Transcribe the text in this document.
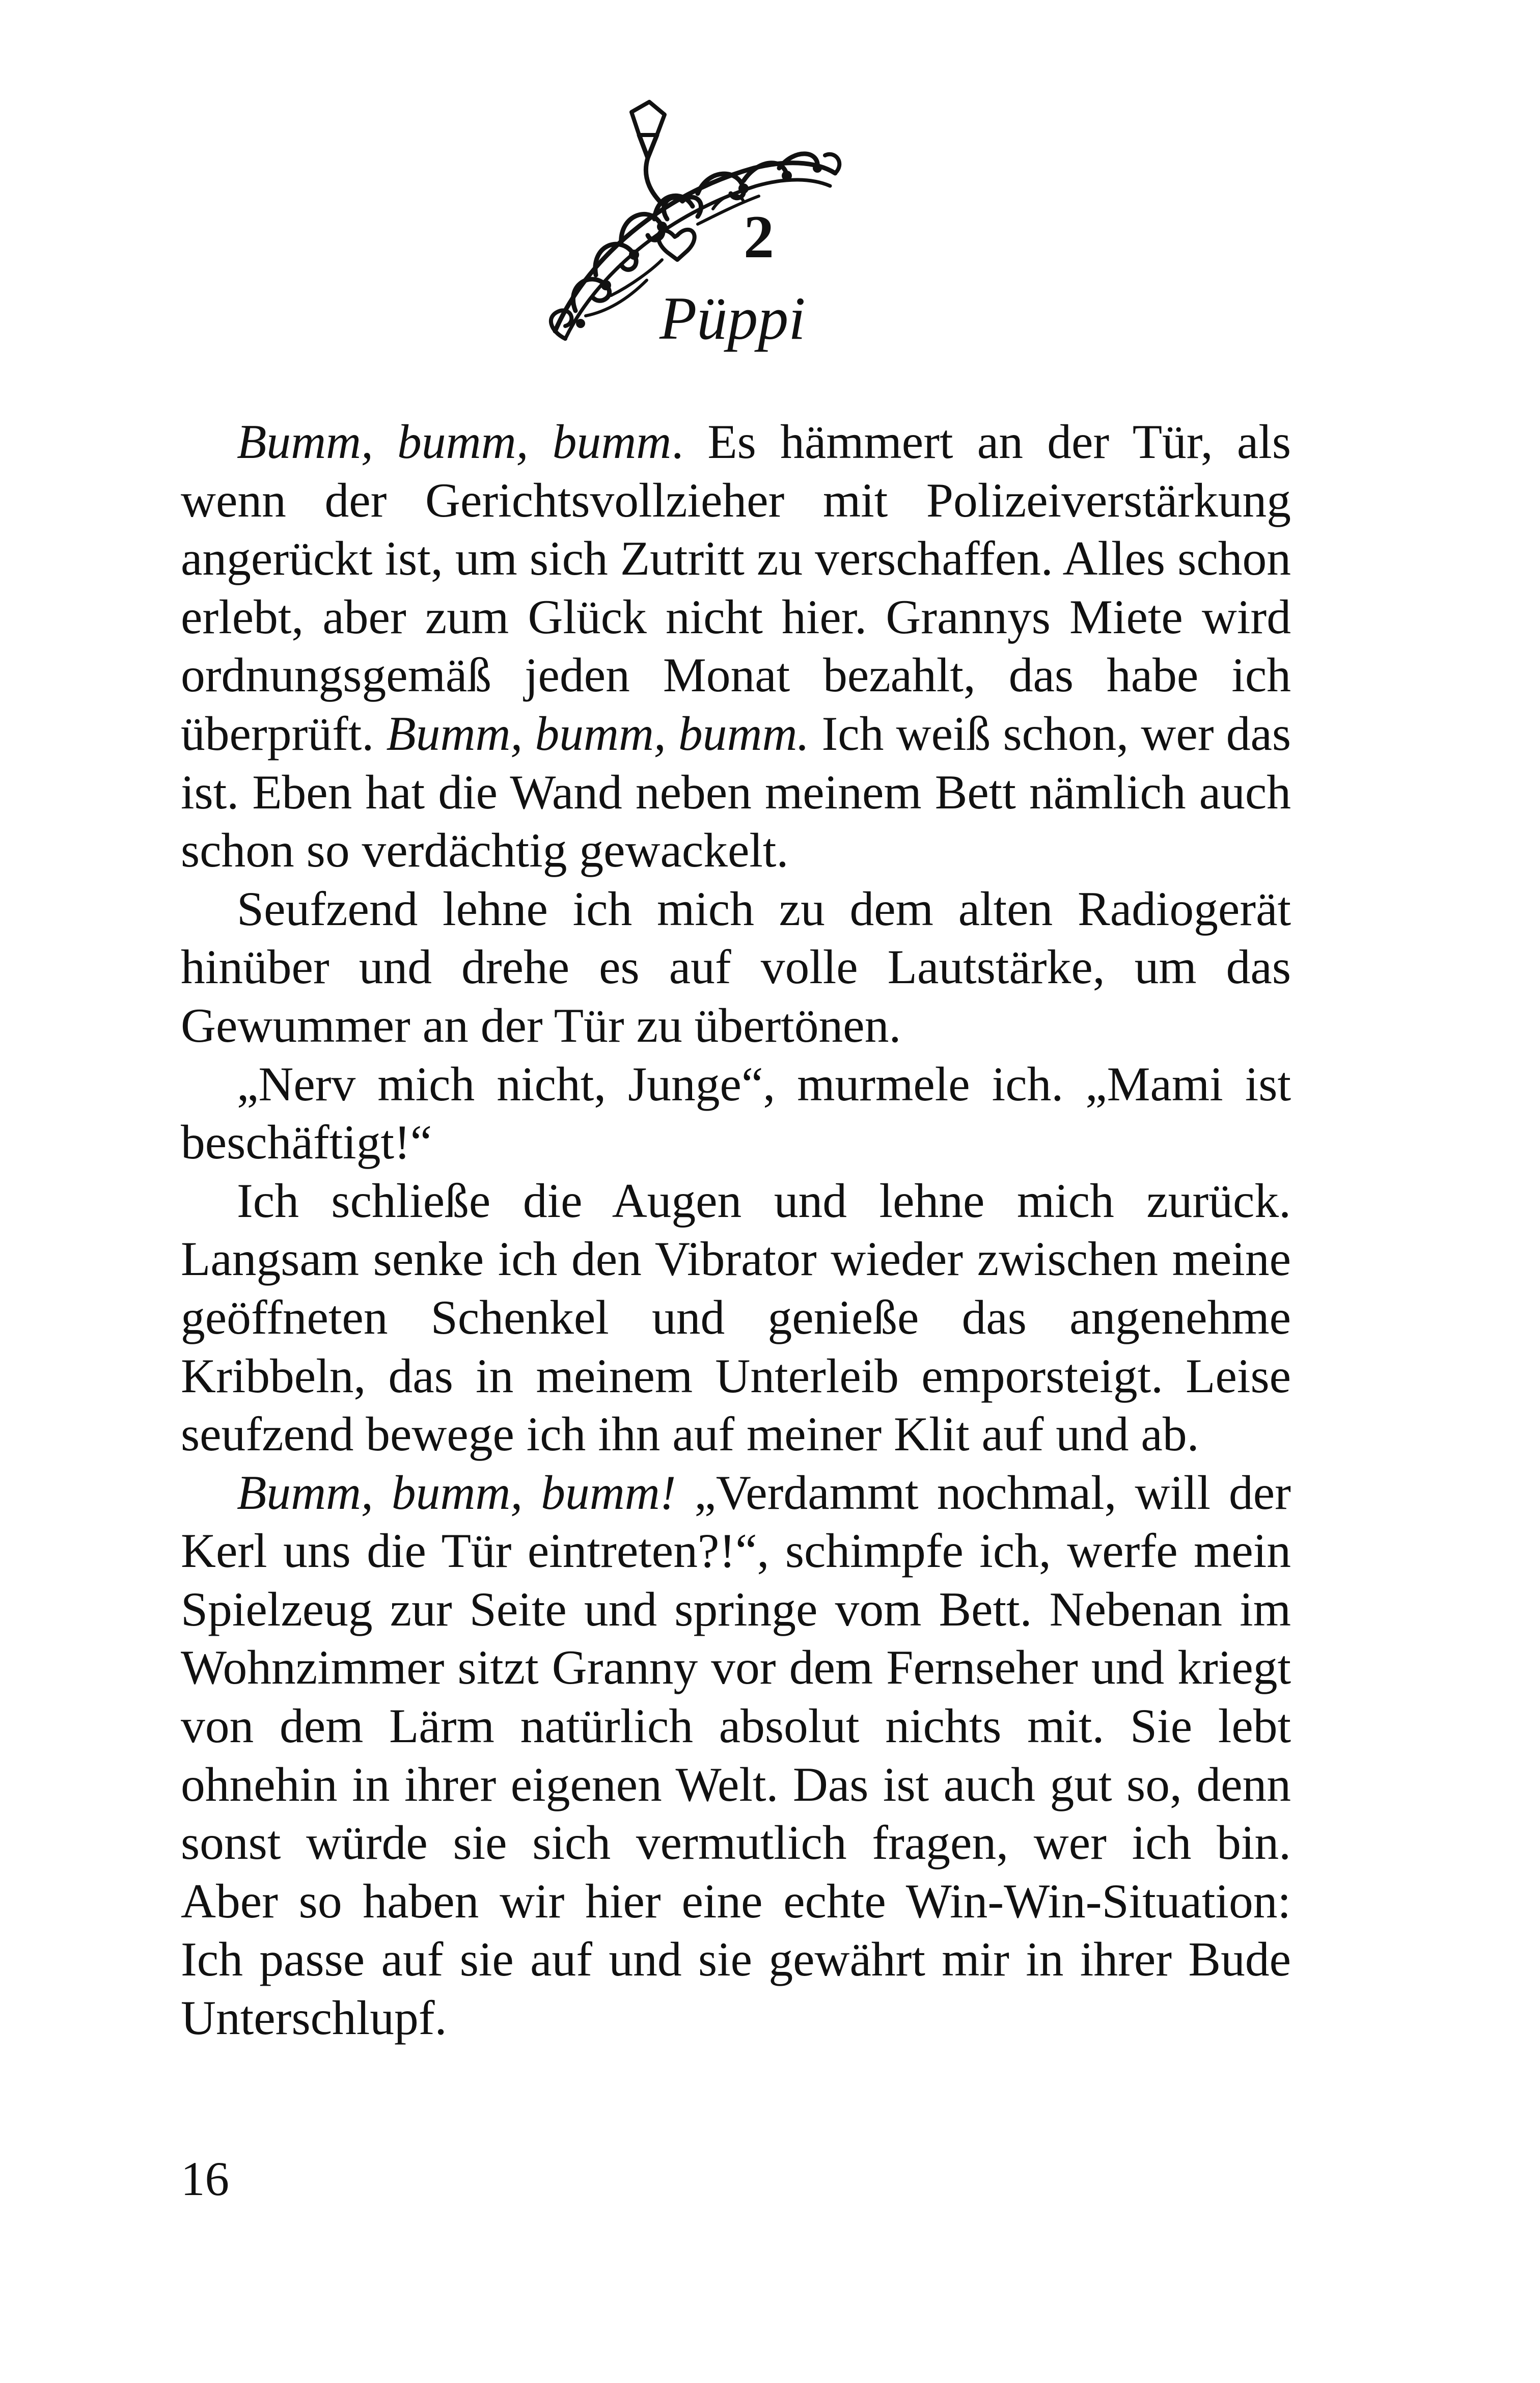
2
Püppi

Bumm, bumm, bumm. Es hämmert an der Tür, als wenn der Gerichtsvollzieher mit Polizeiverstärkung angerückt ist, um sich Zutritt zu verschaffen. Alles schon erlebt, aber zum Glück nicht hier. Grannys Miete wird ordnungsgemäß jeden Monat bezahlt, das habe ich überprüft. Bumm, bumm, bumm. Ich weiß schon, wer das ist. Eben hat die Wand neben meinem Bett nämlich auch schon so verdächtig gewackelt.

Seufzend lehne ich mich zu dem alten Radiogerät hinüber und drehe es auf volle Lautstärke, um das Gewummer an der Tür zu übertönen.

„Nerv mich nicht, Junge“, murmele ich. „Mami ist beschäftigt!“

Ich schließe die Augen und lehne mich zurück. Langsam senke ich den Vibrator wieder zwischen meine geöffneten Schenkel und genieße das angenehme Kribbeln, das in meinem Unterleib emporsteigt. Leise seufzend bewege ich ihn auf meiner Klit auf und ab.

Bumm, bumm, bumm! „Verdammt nochmal, will der Kerl uns die Tür eintreten?!“, schimpfe ich, werfe mein Spielzeug zur Seite und springe vom Bett. Nebenan im Wohnzimmer sitzt Granny vor dem Fernseher und kriegt von dem Lärm natürlich absolut nichts mit. Sie lebt ohnehin in ihrer eigenen Welt. Das ist auch gut so, denn sonst würde sie sich vermutlich fragen, wer ich bin. Aber so haben wir hier eine echte Win-Win-Situation: Ich passe auf sie auf und sie gewährt mir in ihrer Bude Unterschlupf.

16
